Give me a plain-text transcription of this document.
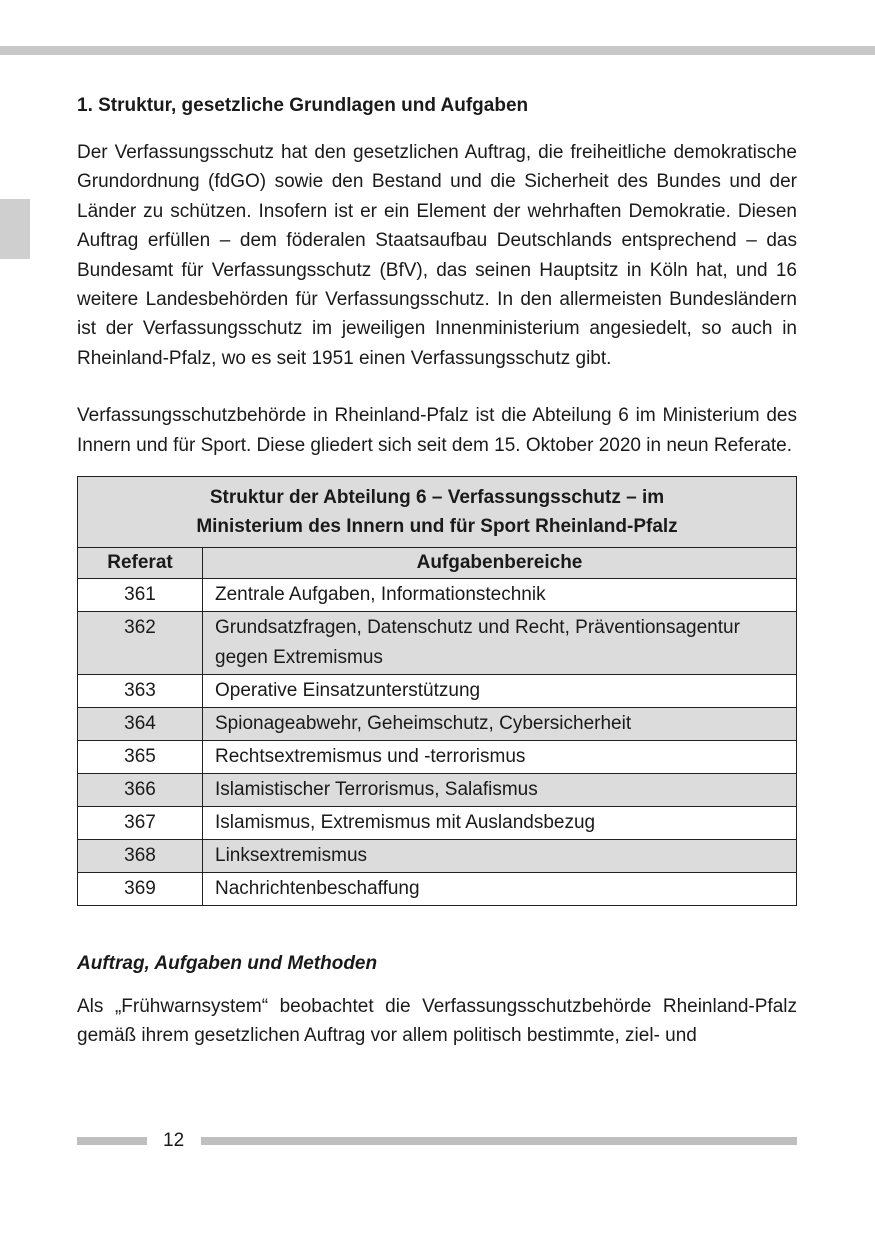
1. Struktur, gesetzliche Grundlagen und Aufgaben

Der Verfassungsschutz hat den gesetzlichen Auftrag, die freiheitliche demokratische Grundordnung (fdGO) sowie den Bestand und die Sicherheit des Bundes und der Länder zu schützen. Insofern ist er ein Element der wehrhaften Demokratie. Diesen Auftrag erfüllen – dem föderalen Staatsaufbau Deutschlands entsprechend – das Bundesamt für Verfassungsschutz (BfV), das seinen Hauptsitz in Köln hat, und 16 weitere Landesbehörden für Verfassungsschutz. In den allermeisten Bundesländern ist der Verfassungsschutz im jeweiligen Innenministerium angesiedelt, so auch in Rheinland-Pfalz, wo es seit 1951 einen Verfassungsschutz gibt.

Verfassungsschutzbehörde in Rheinland-Pfalz ist die Abteilung 6 im Ministerium des Innern und für Sport. Diese gliedert sich seit dem 15. Oktober 2020 in neun Referate.

Struktur der Abteilung 6 – Verfassungsschutz – im
Ministerium des Innern und für Sport Rheinland-Pfalz	
Referat	Aufgabenbereiche
361	Zentrale Aufgaben, Informationstechnik
362	Grundsatzfragen, Datenschutz und Recht, Präventionsagentur gegen Extremismus
363	Operative Einsatzunterstützung
364	Spionageabwehr, Geheimschutz, Cybersicherheit
365	Rechtsextremismus und -terrorismus
366	Islamistischer Terrorismus, Salafismus
367	Islamismus, Extremismus mit Auslandsbezug
368	Linksextremismus
369	Nachrichtenbeschaffung
Auftrag, Aufgaben und Methoden

Als „Frühwarnsystem“ beobachtet die Verfassungsschutzbehörde Rheinland-Pfalz gemäß ihrem gesetzlichen Auftrag vor allem politisch bestimmte, ziel- und

12
